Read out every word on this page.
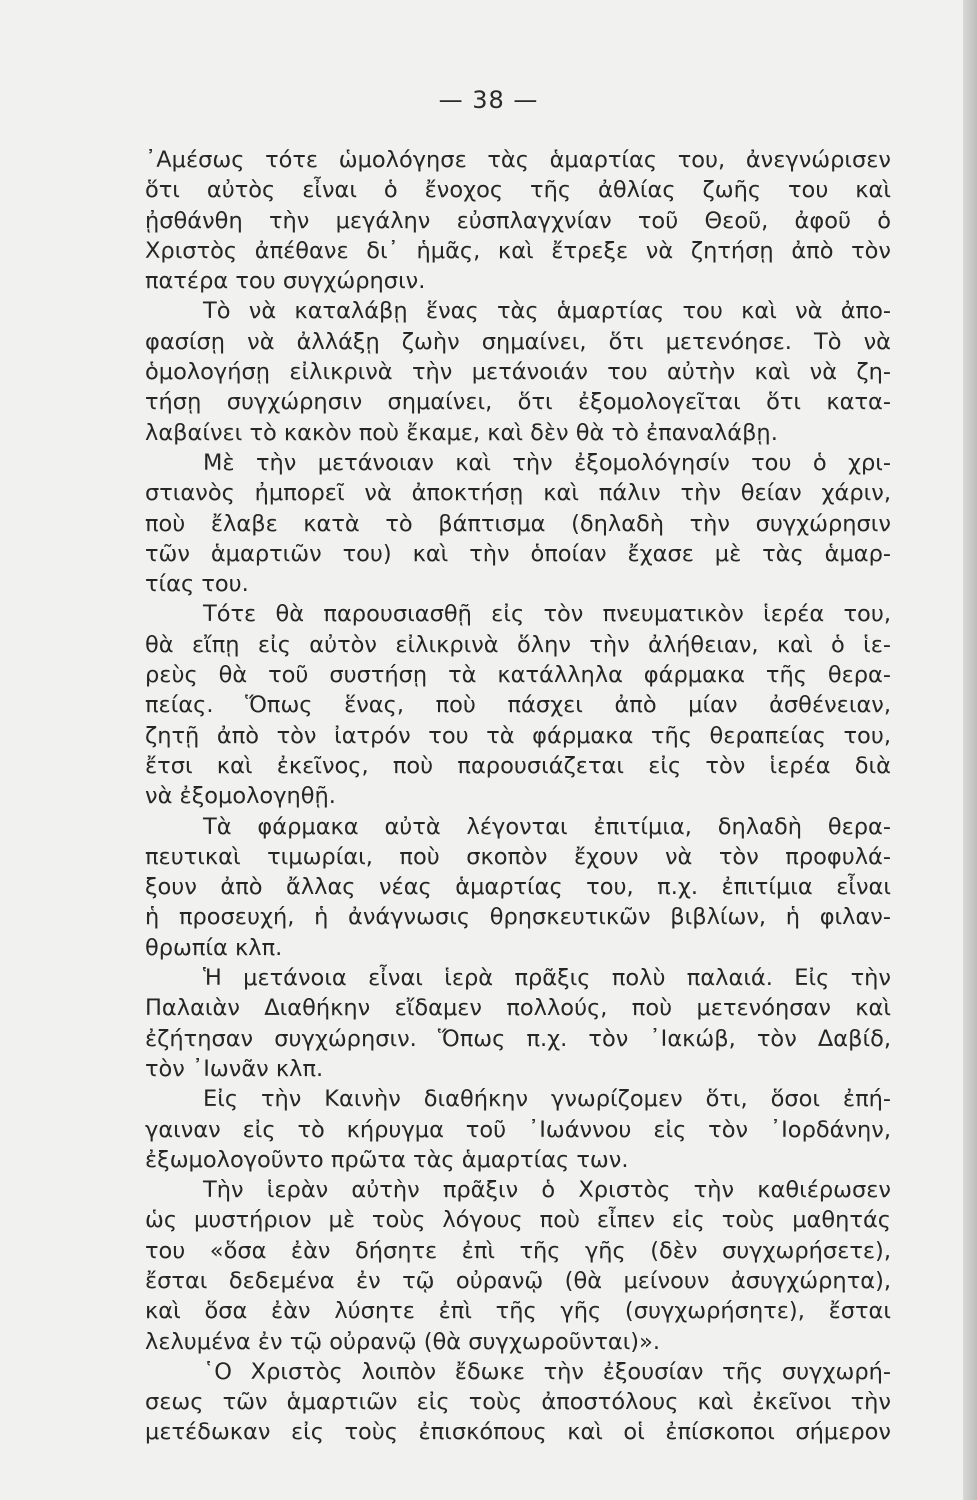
— 38 —
᾿Αμέσως τότε ὡμολόγησε τὰς ἁμαρτίας του, ἀνεγνώρισεν
ὅτι αὐτὸς εἶναι ὁ ἔνοχος τῆς ἀθλίας ζωῆς του καὶ
ᾐσθάνθη τὴν μεγάλην εὐσπλαγχνίαν τοῦ Θεοῦ, ἀφοῦ ὁ
Χριστὸς ἀπέθανε δι᾿ ἡμᾶς, καὶ ἔτρεξε νὰ ζητήσῃ ἀπὸ τὸν
πατέρα του συγχώρησιν.
Τὸ νὰ καταλάβῃ ἕνας τὰς ἁμαρτίας του καὶ νὰ ἀπο-
φασίσῃ νὰ ἀλλάξῃ ζωὴν σημαίνει, ὅτι μετενόησε. Τὸ νὰ
ὁμολογήσῃ εἰλικρινὰ τὴν μετάνοιάν του αὐτὴν καὶ νὰ ζη-
τήσῃ συγχώρησιν σημαίνει, ὅτι ἐξομολογεῖται ὅτι κατα-
λαβαίνει τὸ κακὸν ποὺ ἔκαμε, καὶ δὲν θὰ τὸ ἐπαναλάβῃ.
Μὲ τὴν μετάνοιαν καὶ τὴν ἐξομολόγησίν του ὁ χρι-
στιανὸς ἠμπορεῖ νὰ ἀποκτήσῃ καὶ πάλιν τὴν θείαν χάριν,
ποὺ ἔλαβε κατὰ τὸ βάπτισμα (δηλαδὴ τὴν συγχώρησιν
τῶν ἁμαρτιῶν του) καὶ τὴν ὁποίαν ἔχασε μὲ τὰς ἁμαρ-
τίας του.
Τότε θὰ παρουσιασθῇ εἰς τὸν πνευματικὸν ἱερέα του,
θὰ εἴπῃ εἰς αὐτὸν εἰλικρινὰ ὅλην τὴν ἀλήθειαν, καὶ ὁ ἱε-
ρεὺς θὰ τοῦ συστήσῃ τὰ κατάλληλα φάρμακα τῆς θερα-
πείας. Ὅπως ἕνας, ποὺ πάσχει ἀπὸ μίαν ἀσθένειαν,
ζητῇ ἀπὸ τὸν ἰατρόν του τὰ φάρμακα τῆς θεραπείας του,
ἔτσι καὶ ἐκεῖνος, ποὺ παρουσιάζεται εἰς τὸν ἱερέα διὰ
νὰ ἐξομολογηθῇ.
Τὰ φάρμακα αὐτὰ λέγονται ἐπιτίμια, δηλαδὴ θερα-
πευτικαὶ τιμωρίαι, ποὺ σκοπὸν ἔχουν νὰ τὸν προφυλά-
ξουν ἀπὸ ἄλλας νέας ἁμαρτίας του, π.χ. ἐπιτίμια εἶναι
ἡ προσευχή, ἡ ἀνάγνωσις θρησκευτικῶν βιβλίων, ἡ φιλαν-
θρωπία κλπ.
Ἡ μετάνοια εἶναι ἱερὰ πρᾶξις πολὺ παλαιά. Εἰς τὴν
Παλαιὰν Διαθήκην εἴδαμεν πολλούς, ποὺ μετενόησαν καὶ
ἐζήτησαν συγχώρησιν. Ὅπως π.χ. τὸν ᾿Ιακώβ, τὸν Δαβίδ,
τὸν ᾿Ιωνᾶν κλπ.
Εἰς τὴν Καινὴν διαθήκην γνωρίζομεν ὅτι, ὅσοι ἐπή-
γαιναν εἰς τὸ κήρυγμα τοῦ ᾿Ιωάννου εἰς τὸν ᾿Ιορδάνην,
ἐξωμολογοῦντο πρῶτα τὰς ἁμαρτίας των.
Τὴν ἱερὰν αὐτὴν πρᾶξιν ὁ Χριστὸς τὴν καθιέρωσεν
ὡς μυστήριον μὲ τοὺς λόγους ποὺ εἶπεν εἰς τοὺς μαθητάς
του «ὅσα ἐὰν δήσητε ἐπὶ τῆς γῆς (δὲν συγχωρήσετε),
ἔσται δεδεμένα ἐν τῷ οὐρανῷ (θὰ μείνουν ἀσυγχώρητα),
καὶ ὅσα ἐὰν λύσητε ἐπὶ τῆς γῆς (συγχωρήσητε), ἔσται
λελυμένα ἐν τῷ οὐρανῷ (θὰ συγχωροῦνται)».
῾Ο Χριστὸς λοιπὸν ἔδωκε τὴν ἐξουσίαν τῆς συγχωρή-
σεως τῶν ἁμαρτιῶν εἰς τοὺς ἀποστόλους καὶ ἐκεῖνοι τὴν
μετέδωκαν εἰς τοὺς ἐπισκόπους καὶ οἱ ἐπίσκοποι σήμερον
